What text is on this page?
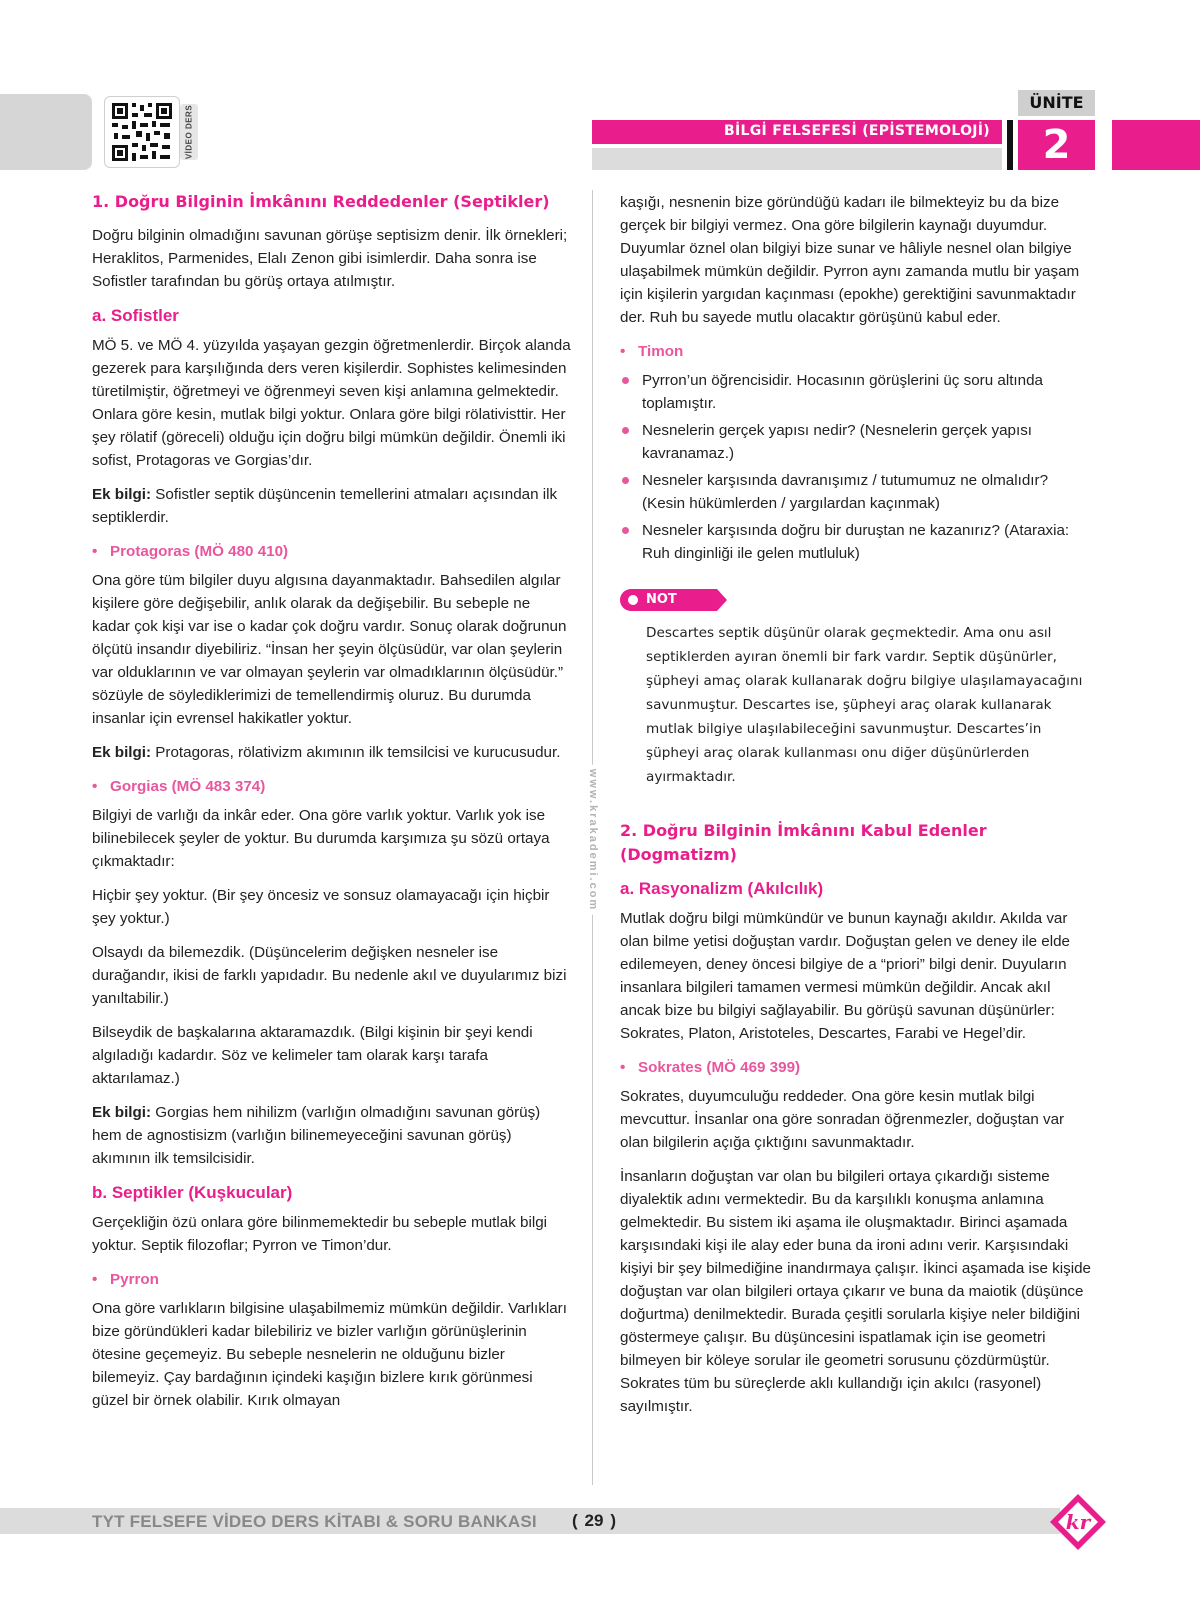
VİDEO DERS	BİLGİ FELSEFESİ (EPİSTEMOLOJİ)
ÜNİTE
2
1. Doğru Bilginin İmkânını Reddedenler (Septikler)

Doğru bilginin olmadığını savunan görüşe septisizm denir. İlk örnekleri; Heraklitos, Parmenides, Elalı Zenon gibi isimlerdir. Daha sonra ise Sofistler tarafından bu görüş ortaya atılmıştır.

a. Sofistler

MÖ 5. ve MÖ 4. yüzyılda yaşayan gezgin öğretmenlerdir. Birçok alanda gezerek para karşılığında ders veren kişilerdir. Sophistes kelimesinden türetilmiştir, öğretmeyi ve öğrenmeyi seven kişi anlamına gelmektedir. Onlara göre kesin, mutlak bilgi yoktur. Onlara göre bilgi rölativisttir. Her şey rölatif (göreceli) olduğu için doğru bilgi mümkün değildir. Önemli iki sofist, Protagoras ve Gorgias’dır.

Ek bilgi: Sofistler septik düşüncenin temellerini atmaları açısından ilk septiklerdir.

• Protagoras (MÖ 480 410)

Ona göre tüm bilgiler duyu algısına dayanmaktadır. Bahsedilen algılar kişilere göre değişebilir, anlık olarak da değişebilir. Bu sebeple ne kadar çok kişi var ise o kadar çok doğru vardır. Sonuç olarak doğrunun ölçütü insandır diyebiliriz. “İnsan her şeyin ölçüsüdür, var olan şeylerin var olduklarının ve var olmayan şeylerin var olmadıklarının ölçüsüdür.” sözüyle de söylediklerimizi de temellendirmiş oluruz. Bu durumda insanlar için evrensel hakikatler yoktur.

Ek bilgi: Protagoras, rölativizm akımının ilk temsilcisi ve kurucusudur.

• Gorgias (MÖ 483 374)

Bilgiyi de varlığı da inkâr eder. Ona göre varlık yoktur. Varlık yok ise bilinebilecek şeyler de yoktur. Bu durumda karşımıza şu sözü ortaya çıkmaktadır:

Hiçbir şey yoktur. (Bir şey öncesiz ve sonsuz olamayacağı için hiçbir şey yoktur.)

Olsaydı da bilemezdik. (Düşüncelerim değişken nesneler ise durağandır, ikisi de farklı yapıdadır. Bu nedenle akıl ve duyularımız bizi yanıltabilir.)

Bilseydik de başkalarına aktaramazdık. (Bilgi kişinin bir şeyi kendi algıladığı kadardır. Söz ve kelimeler tam olarak karşı tarafa aktarılamaz.)

Ek bilgi: Gorgias hem nihilizm (varlığın olmadığını savunan görüş) hem de agnostisizm (varlığın bilinemeyeceğini savunan görüş) akımının ilk temsilcisidir.

b. Septikler (Kuşkucular)

Gerçekliğin özü onlara göre bilinmemektedir bu sebeple mutlak bilgi yoktur. Septik filozoflar; Pyrron ve Timon’dur.

• Pyrron

Ona göre varlıkların bilgisine ulaşabilmemiz mümkün değildir. Varlıkları bize göründükleri kadar bilebiliriz ve bizler varlığın görünüşlerinin ötesine geçemeyiz. Bu sebeple nesnelerin ne olduğunu bizler bilemeyiz. Çay bardağının içindeki kaşığın bizlere kırık görünmesi güzel bir örnek olabilir. Kırık olmayan

www.krakademi.com

kaşığı, nesnenin bize göründüğü kadarı ile bilmekteyiz bu da bize gerçek bir bilgiyi vermez. Ona göre bilgilerin kaynağı duyumdur. Duyumlar öznel olan bilgiyi bize sunar ve hâliyle nesnel olan bilgiye ulaşabilmek mümkün değildir. Pyrron aynı zamanda mutlu bir yaşam için kişilerin yargıdan kaçınması (epokhe) gerektiğini savunmaktadır der. Ruh bu sayede mutlu olacaktır görüşünü kabul eder.

• Timon
Pyrron’un öğrencisidir. Hocasının görüşlerini üç soru altında toplamıştır.
Nesnelerin gerçek yapısı nedir? (Nesnelerin gerçek yapısı kavranamaz.)
Nesneler karşısında davranışımız / tutumumuz ne olmalıdır? (Kesin hükümlerden / yargılardan kaçınmak)
Nesneler karşısında doğru bir duruştan ne kazanırız? (Ataraxia: Ruh dinginliği ile gelen mutluluk)
NOT
Descartes septik düşünür olarak geçmektedir. Ama onu asıl septiklerden ayıran önemli bir fark vardır. Septik düşünürler, şüpheyi amaç olarak kullanarak doğru bilgiye ulaşılamayacağını savunmuştur. Descartes ise, şüpheyi araç olarak kullanarak mutlak bilgiye ulaşılabileceğini savunmuştur. Descartes’in şüpheyi araç olarak kullanması onu diğer düşünürlerden ayırmaktadır.
2. Doğru Bilginin İmkânını Kabul Edenler (Dogmatizm)
a. Rasyonalizm (Akılcılık)

Mutlak doğru bilgi mümkündür ve bunun kaynağı akıldır. Akılda var olan bilme yetisi doğuştan vardır. Doğuştan gelen ve deney ile elde edilemeyen, deney öncesi bilgiye de a “priori” bilgi denir. Duyuların insanlara bilgileri tamamen vermesi mümkün değildir. Ancak akıl ancak bize bu bilgiyi sağlayabilir. Bu görüşü savunan düşünürler: Sokrates, Platon, Aristoteles, Descartes, Farabi ve Hegel’dir.

• Sokrates (MÖ 469 399)

Sokrates, duyumculuğu reddeder. Ona göre kesin mutlak bilgi mevcuttur. İnsanlar ona göre sonradan öğrenmezler, doğuştan var olan bilgilerin açığa çıktığını savunmaktadır.

İnsanların doğuştan var olan bu bilgileri ortaya çıkardığı sisteme diyalektik adını vermektedir. Bu da karşılıklı konuşma anlamına gelmektedir. Bu sistem iki aşama ile oluşmaktadır. Birinci aşamada karşısındaki kişi ile alay eder buna da ironi adını verir. Karşısındaki kişiyi bir şey bilmediğine inandırmaya çalışır. İkinci aşamada ise kişide doğuştan var olan bilgileri ortaya çıkarır ve buna da maiotik (düşünce doğurtma) denilmektedir. Burada çeşitli sorularla kişiye neler bildiğini göstermeye çalışır. Bu düşüncesini ispatlamak için ise geometri bilmeyen bir köleye sorular ile geometri sorusunu çözdürmüştür. Sokrates tüm bu süreçlerde aklı kullandığı için akılcı (rasyonel) sayılmıştır.

TYT FELSEFE VİDEO DERS KİTABI & SORU BANKASI
(	29 )	kr
